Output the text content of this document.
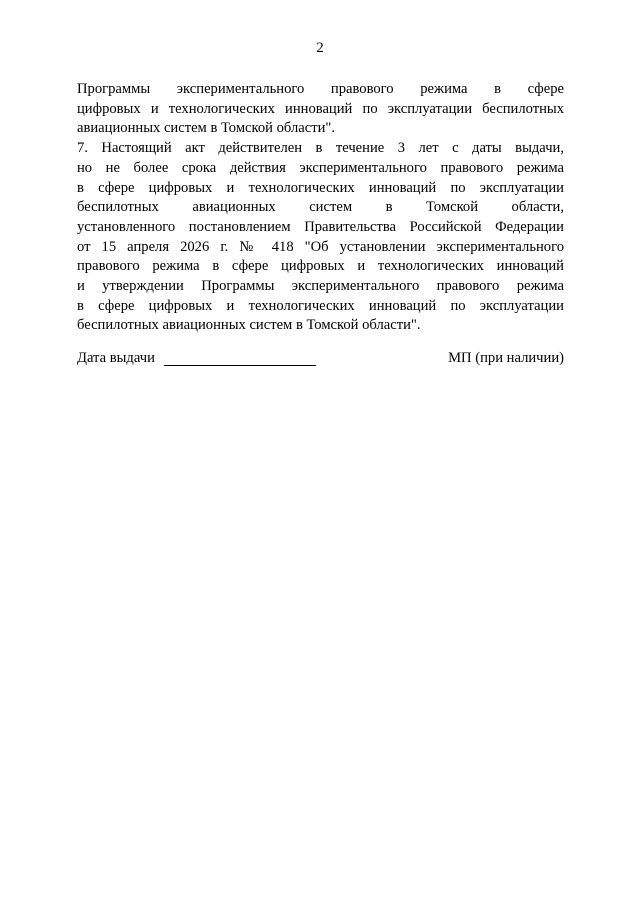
2

Программы экспериментального правового режима в сфере
цифровых и технологических инноваций по эксплуатации беспилотных
авиационных систем в Томской области".

7. Настоящий акт действителен в течение 3 лет с даты выдачи,
но не более срока действия экспериментального правового режима
в сфере цифровых и технологических инноваций по эксплуатации
беспилотных авиационных систем в Томской области,
установленного постановлением Правительства Российской Федерации
от 15 апреля 2026 г. № 418 "Об установлении экспериментального
правового режима в сфере цифровых и технологических инноваций
и утверждении Программы экспериментального правового режима
в сфере цифровых и технологических инноваций по эксплуатации
беспилотных авиационных систем в Томской области".

Дата выдачи	МП (при наличии)
